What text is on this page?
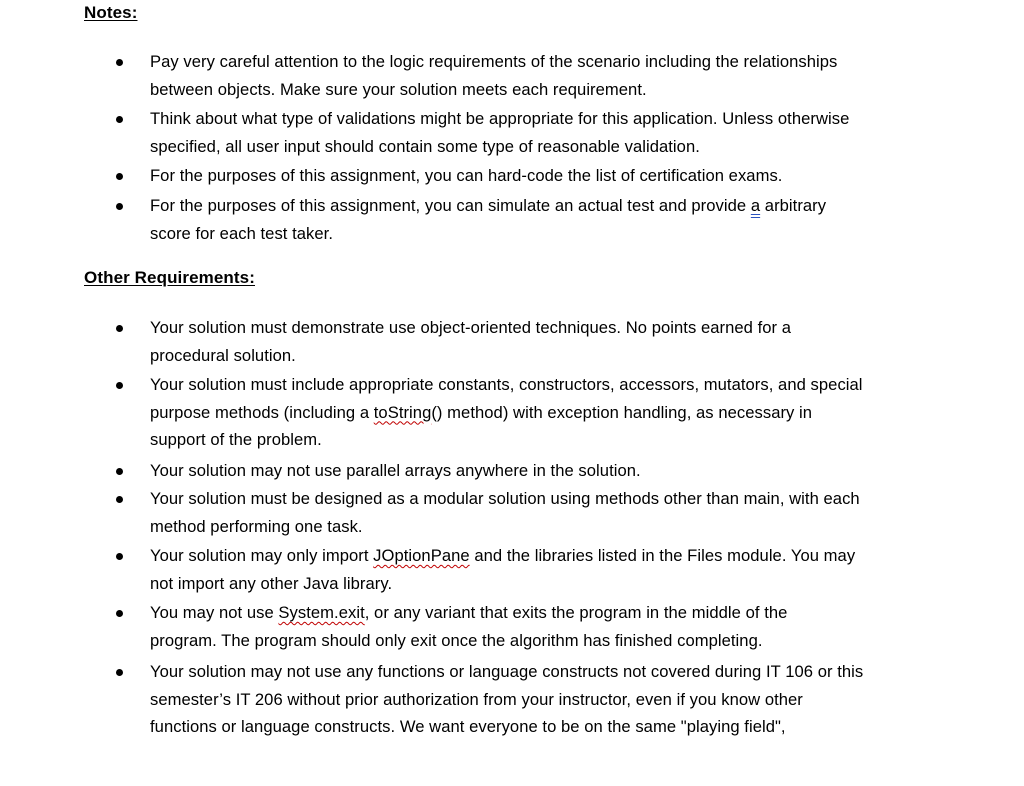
Notes:
Pay very careful attention to the logic requirements of the scenario including the relationships
between objects. Make sure your solution meets each requirement.
Think about what type of validations might be appropriate for this application. Unless otherwise
specified, all user input should contain some type of reasonable validation.
For the purposes of this assignment, you can hard-code the list of certification exams.
For the purposes of this assignment, you can simulate an actual test and provide a arbitrary
score for each test taker.
Other Requirements:
Your solution must demonstrate use object-oriented techniques. No points earned for a
procedural solution.
Your solution must include appropriate constants, constructors, accessors, mutators, and special
purpose methods (including a toString() method) with exception handling, as necessary in
support of the problem.
Your solution may not use parallel arrays anywhere in the solution.
Your solution must be designed as a modular solution using methods other than main, with each
method performing one task.
Your solution may only import JOptionPane and the libraries listed in the Files module. You may
not import any other Java library.
You may not use System.exit, or any variant that exits the program in the middle of the
program. The program should only exit once the algorithm has finished completing.
Your solution may not use any functions or language constructs not covered during IT 106 or this
semester’s IT 206 without prior authorization from your instructor, even if you know other
functions or language constructs. We want everyone to be on the same "playing field",
